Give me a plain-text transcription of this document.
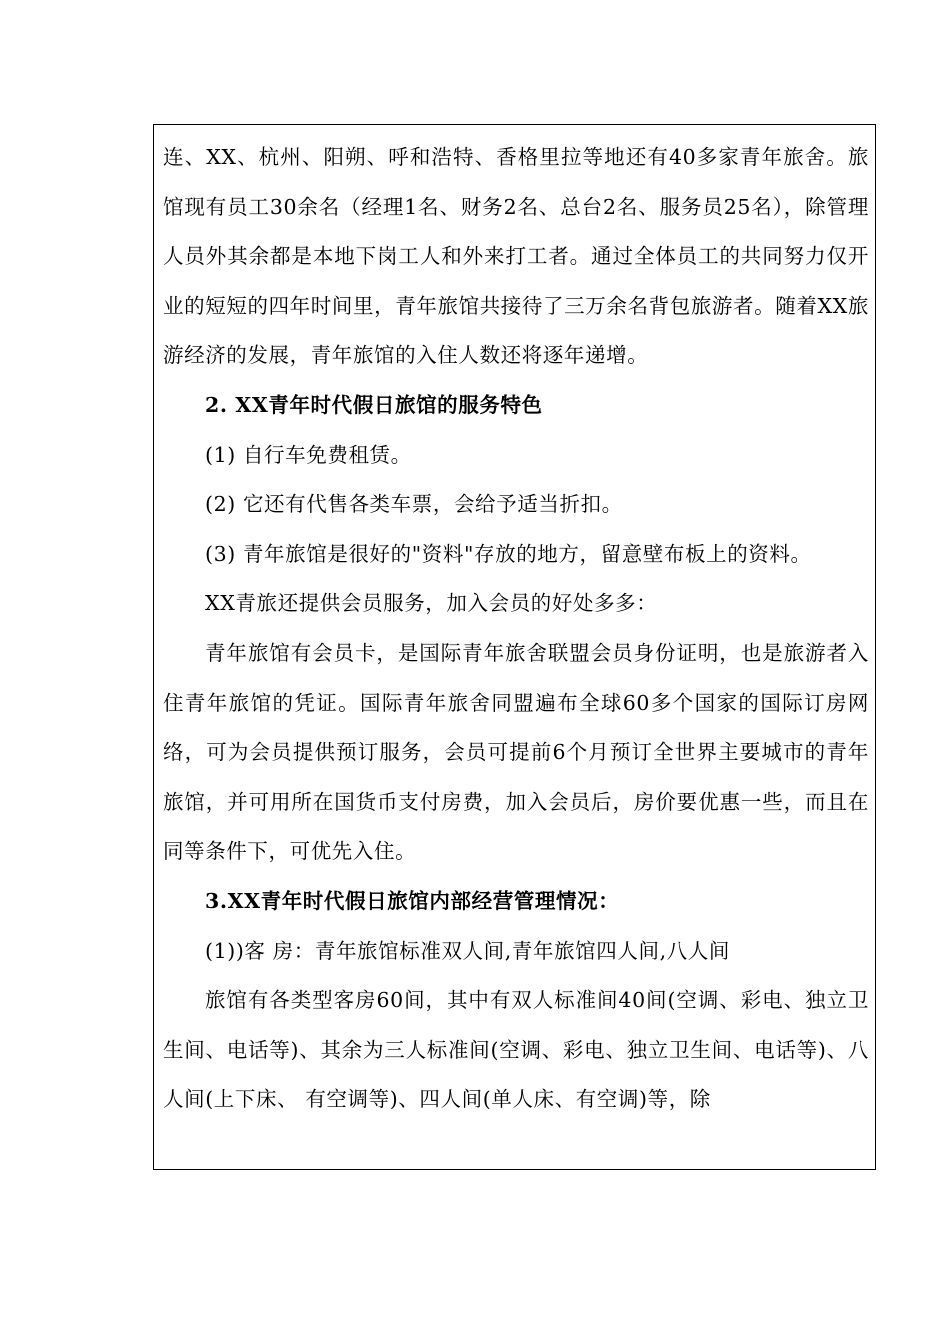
连、XX、杭州、阳朔、呼和浩特、香格里拉等地还有40多家青年旅舍。旅馆现有员工30余名（经理1名、财务2名、总台2名、服务员25名），除管理人员外其余都是本地下岗工人和外来打工者。通过全体员工的共同努力仅开业的短短的四年时间里，青年旅馆共接待了三万余名背包旅游者。随着XX旅游经济的发展，青年旅馆的入住人数还将逐年递增。

2. XX青年时代假日旅馆的服务特色

(1) 自行车免费租赁。

(2) 它还有代售各类车票，会给予适当折扣。

(3) 青年旅馆是很好的"资料"存放的地方，留意壁布板上的资料。

XX青旅还提供会员服务，加入会员的好处多多：

青年旅馆有会员卡，是国际青年旅舍联盟会员身份证明，也是旅游者入住青年旅馆的凭证。国际青年旅舍同盟遍布全球60多个国家的国际订房网络，可为会员提供预订服务，会员可提前6个月预订全世界主要城市的青年旅馆，并可用所在国货币支付房费，加入会员后，房价要优惠一些，而且在同等条件下，可优先入住。

3.XX青年时代假日旅馆内部经营管理情况：

(1))客 房：青年旅馆标准双人间,青年旅馆四人间,八人间

旅馆有各类型客房60间，其中有双人标准间40间(空调、彩电、独立卫生间、电话等)、其余为三人标准间(空调、彩电、独立卫生间、电话等)、八人间(上下床、 有空调等)、四人间(单人床、有空调)等，除
